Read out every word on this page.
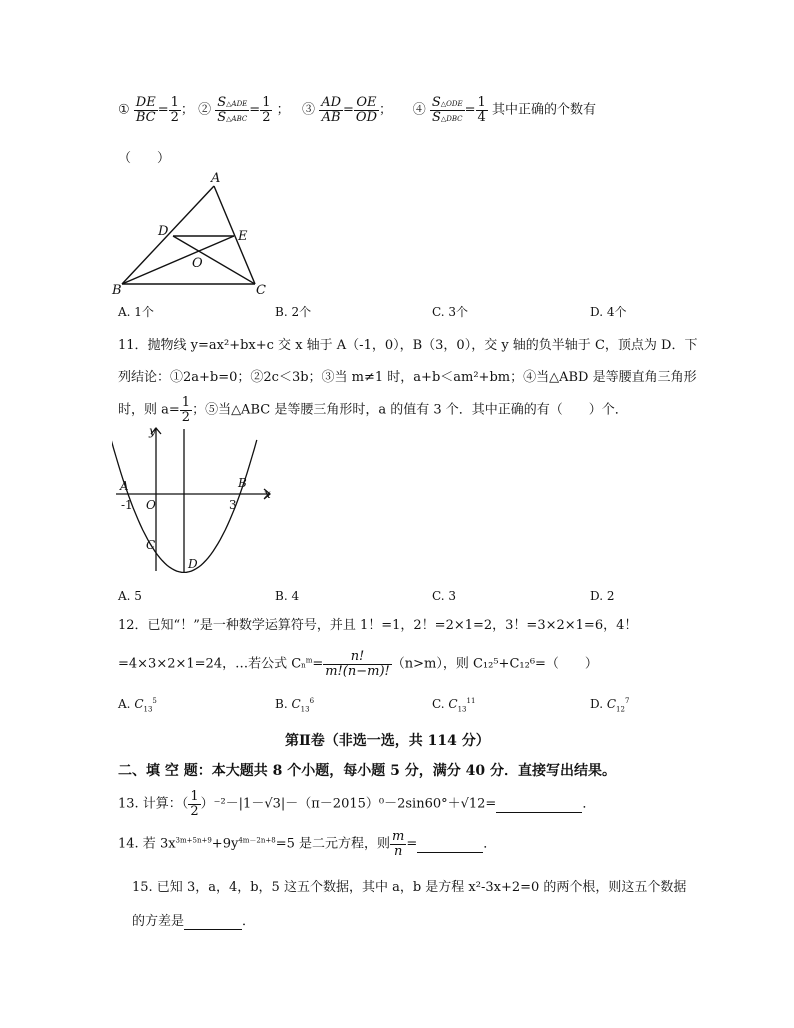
① $\frac{DE}{BC} = \frac{1}{2}$ ； ② $\frac{\text{S△ADE}}{\text{S△ABC}} = \frac{1}{2}$ ； ③ $\frac{AD}{AB} = \frac{OE}{OD}$ ； ④ $\frac{\text{S△ODE}}{\text{S△DBC}} = \frac{1}{4}$ 其中正确的个数有
（　　）
A
B	C
D	E
O
A. 1个	B. 2个	C. 3个	D. 4个
11．抛物线 y=ax²+bx+c 交 x 轴于 A（-1，0），B（3，0），交 y 轴的负半轴于 C，顶点为 D．下
列结论：①2a+b=0；②2c＜3b；③当 m≠1 时，a+b＜am²+bm；④当△ABD 是等腰直角三角形
时，则 $a= \frac{1}{2}$ ；⑤当△ABC 是等腰三角形时，a 的值有 3 个．其中正确的有（　　）个．
y
x
A	B
O
C
D
-1	3
A. 5	B. 4	C. 3	D. 2
12．已知“！”是一种数学运算符号，并且 1！=1，2！=2×1=2，3！=3×2×1=6，4！
=4×3×2×1=24，…若公式 $Cn^m= \frac{n!}{m!(n-m)!} (n>m)$，则 C₁₂⁵+C₁₂⁶=（　　）
A. $C_{13}^5$	B. $C_{13}^6$	C. $C_{13}^{11}$	D. $C_{12}^7$
第Ⅱ卷（非选一选，共 114 分）
二、填 空 题：本大题共 8 个小题，每小题 5 分，满分 40 分．直接写出结果。
13. 计算：（ $\frac{1}{2} )^{-2}-|1-√3|-(\pi-2015)^0-2\sin 60^\circ+√12=$	．
14. 若 $3x^{3m+5n+9}+9y^{4m-2n+8}=5$ 是二元方程，则 $\frac{m}{n}$ =	．
15. 已知 3，a，4，b，5 这五个数据，其中 a，b 是方程 x²-3x+2=0 的两个根，则这五个数据
的方差是	．
